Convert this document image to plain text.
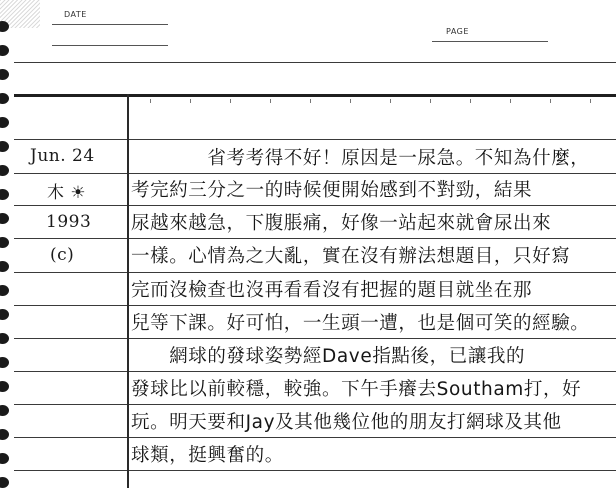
DATE
PAGE
Jun. 24
木 ☀
1993
(c)
　　　　省考考得不好！原因是一尿急。不知為什麼，
考完約三分之一的時候便開始感到不對勁，結果
尿越來越急，下腹脹痛，好像一站起來就會尿出來
一樣。心情為之大亂，實在沒有辦法想題目，只好寫
完而沒檢查也沒再看看沒有把握的題目就坐在那
兒等下課。好可怕，一生頭一遭，也是個可笑的經驗。
　　網球的發球姿勢經Dave指點後，已讓我的
發球比以前較穩，較強。下午手癢去Southam打，好
玩。明天要和Jay及其他幾位他的朋友打網球及其他
球類，挺興奮的。
